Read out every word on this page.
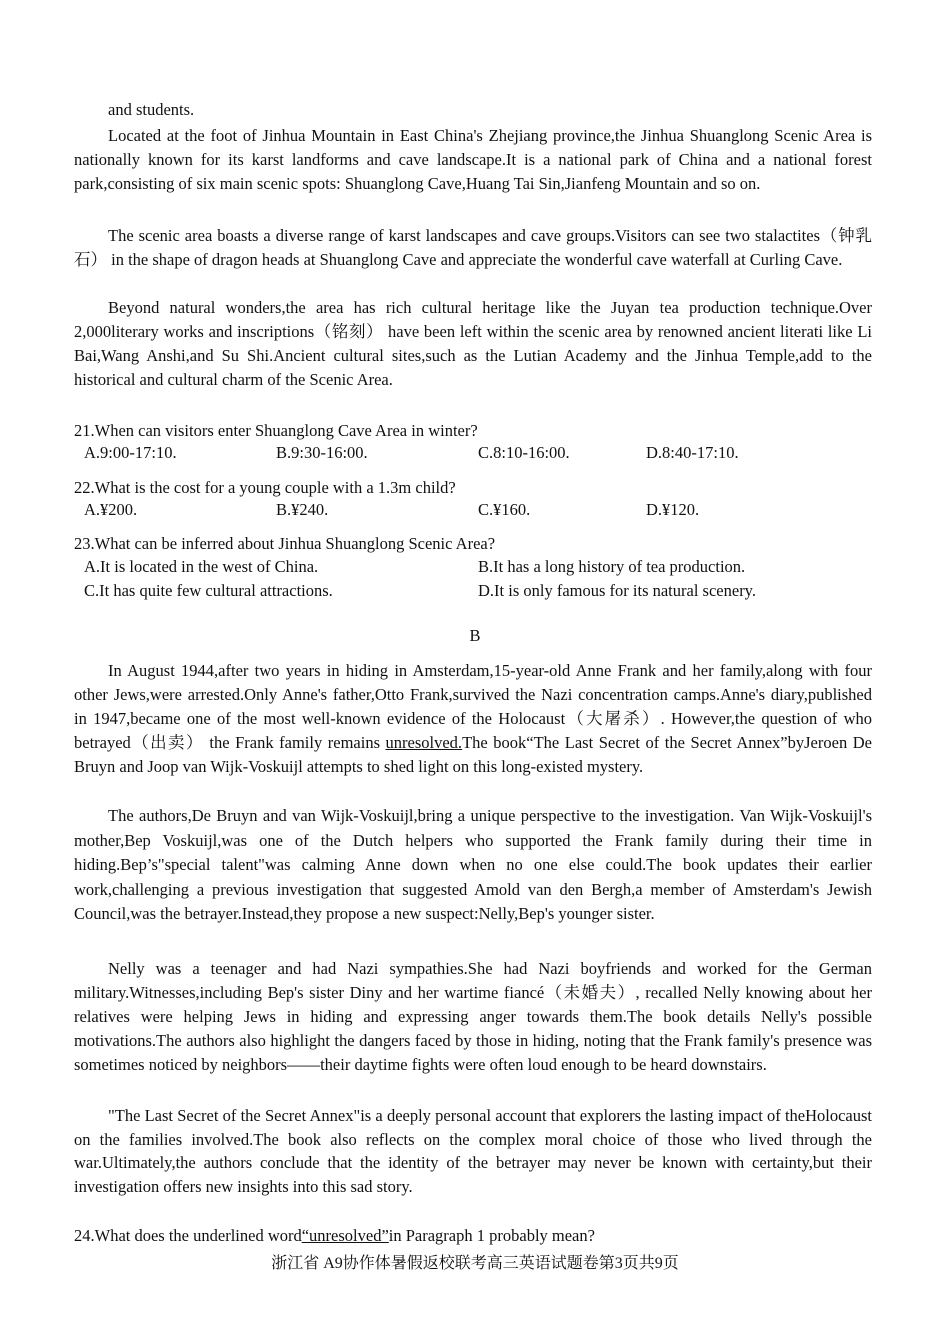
and students.

Located at the foot of Jinhua Mountain in East China's Zhejiang province,the Jinhua Shuanglong Scenic Area is nationally known for its karst landforms and cave landscape.It is a national park of China and a national forest park,consisting of six main scenic spots: Shuanglong Cave,Huang Tai Sin,Jianfeng Mountain and so on.

The scenic area boasts a diverse range of karst landscapes and cave groups.Visitors can see two stalactites（钟乳石） in the shape of dragon heads at Shuanglong Cave and appreciate the wonderful cave waterfall at Curling Cave.

Beyond natural wonders,the area has rich cultural heritage like the Juyan tea production technique.Over 2,000literary works and inscriptions（铭刻） have been left within the scenic area by renowned ancient literati like Li Bai,Wang Anshi,and Su Shi.Ancient cultural sites,such as the Lutian Academy and the Jinhua Temple,add to the historical and cultural charm of the Scenic Area.

21.When can visitors enter Shuanglong Cave Area in winter?

A.9:00-17:10.	B.9:30-16:00.	C.8:10-16:00.	D.8:40-17:10.

22.What is the cost for a young couple with a 1.3m child?

A.¥200.	B.¥240.	C.¥160.	D.¥120.

23.What can be inferred about Jinhua Shuanglong Scenic Area?

A.It is located in the west of China.	B.It has a long history of tea production.

C.It has quite few cultural attractions.	D.It is only famous for its natural scenery.

B

In August 1944,after two years in hiding in Amsterdam,15-year-old Anne Frank and her family,along with four other Jews,were arrested.Only Anne's father,Otto Frank,survived the Nazi concentration camps.Anne's diary,published in 1947,became one of the most well-known evidence of the Holocaust（大屠杀）. However,the question of who betrayed（出卖） the Frank family remains unresolved.The book“The Last Secret of the Secret Annex”byJeroen De Bruyn and Joop van Wijk-Voskuijl attempts to shed light on this long-existed mystery.

The authors,De Bruyn and van Wijk-Voskuijl,bring a unique perspective to the investigation. Van Wijk-Voskuijl's mother,Bep Voskuijl,was one of the Dutch helpers who supported the Frank family during their time in hiding.Bep’s"special talent"was calming Anne down when no one else could.The book updates their earlier work,challenging a previous investigation that suggested Amold van den Bergh,a member of Amsterdam's Jewish Council,was the betrayer.Instead,they propose a new suspect:Nelly,Bep's younger sister.

Nelly was a teenager and had Nazi sympathies.She had Nazi boyfriends and worked for the German military.Witnesses,including Bep's sister Diny and her wartime fiancé（未婚夫）, recalled Nelly knowing about her relatives were helping Jews in hiding and expressing anger towards them.The book details Nelly's possible motivations.The authors also highlight the dangers faced by those in hiding, noting that the Frank family's presence was sometimes noticed by neighbors——their daytime fights were often loud enough to be heard downstairs.

"The Last Secret of the Secret Annex"is a deeply personal account that explorers the lasting impact of theHolocaust on the families involved.The book also reflects on the complex moral choice of those who lived through the war.Ultimately,the authors conclude that the identity of the betrayer may never be known with certainty,but their investigation offers new insights into this sad story.

24.What does the underlined word“unresolved”in Paragraph 1 probably mean?

浙江省 A9协作体暑假返校联考高三英语试题卷第3页共9页
